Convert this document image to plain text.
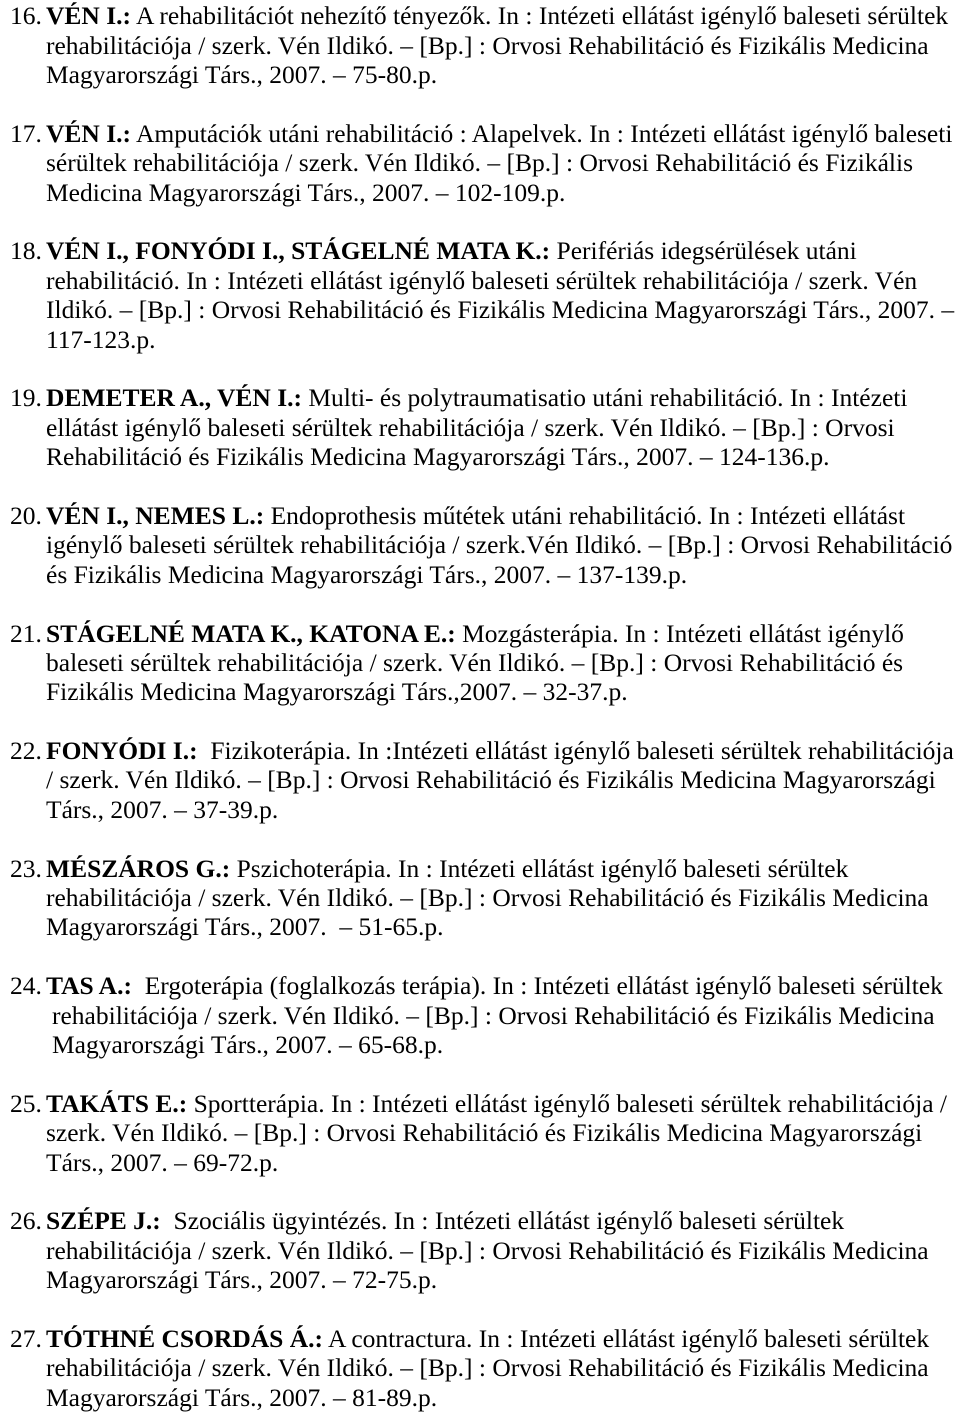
16. VÉN I.: A rehabilitációt nehezítő tényezők. In : Intézeti ellátást igénylő baleseti sérültek
rehabilitációja / szerk. Vén Ildikó. – [Bp.] : Orvosi Rehabilitáció és Fizikális Medicina
Magyarországi Társ., 2007. – 75-80.p.
17. VÉN I.: Amputációk utáni rehabilitáció : Alapelvek. In : Intézeti ellátást igénylő baleseti
sérültek rehabilitációja / szerk. Vén Ildikó. – [Bp.] : Orvosi Rehabilitáció és Fizikális
Medicina Magyarországi Társ., 2007. – 102-109.p.
18. VÉN I., FONYÓDI I., STÁGELNÉ MATA K.: Perifériás idegsérülések utáni
rehabilitáció. In : Intézeti ellátást igénylő baleseti sérültek rehabilitációja / szerk. Vén
Ildikó. – [Bp.] : Orvosi Rehabilitáció és Fizikális Medicina Magyarországi Társ., 2007. –
117-123.p.
19. DEMETER A., VÉN I.: Multi- és polytraumatisatio utáni rehabilitáció. In : Intézeti
ellátást igénylő baleseti sérültek rehabilitációja / szerk. Vén Ildikó. – [Bp.] : Orvosi
Rehabilitáció és Fizikális Medicina Magyarországi Társ., 2007. – 124-136.p.
20. VÉN I., NEMES L.: Endoprothesis műtétek utáni rehabilitáció. In : Intézeti ellátást
igénylő baleseti sérültek rehabilitációja / szerk.Vén Ildikó. – [Bp.] : Orvosi Rehabilitáció
és Fizikális Medicina Magyarországi Társ., 2007. – 137-139.p.
21. STÁGELNÉ MATA K., KATONA E.: Mozgásterápia. In : Intézeti ellátást igénylő
baleseti sérültek rehabilitációja / szerk. Vén Ildikó. – [Bp.] : Orvosi Rehabilitáció és
Fizikális Medicina Magyarországi Társ.,2007. – 32-37.p.
22. FONYÓDI I.:  Fizikoterápia. In :Intézeti ellátást igénylő baleseti sérültek rehabilitációja
/ szerk. Vén Ildikó. – [Bp.] : Orvosi Rehabilitáció és Fizikális Medicina Magyarországi
Társ., 2007. – 37-39.p.
23. MÉSZÁROS G.: Pszichoterápia. In : Intézeti ellátást igénylő baleseti sérültek
rehabilitációja / szerk. Vén Ildikó. – [Bp.] : Orvosi Rehabilitáció és Fizikális Medicina
Magyarországi Társ., 2007.  – 51-65.p.
24. TAS A.:  Ergoterápia (foglalkozás terápia). In : Intézeti ellátást igénylő baleseti sérültek
rehabilitációja / szerk. Vén Ildikó. – [Bp.] : Orvosi Rehabilitáció és Fizikális Medicina
Magyarországi Társ., 2007. – 65-68.p.
25. TAKÁTS E.: Sportterápia. In : Intézeti ellátást igénylő baleseti sérültek rehabilitációja /
szerk. Vén Ildikó. – [Bp.] : Orvosi Rehabilitáció és Fizikális Medicina Magyarországi
Társ., 2007. – 69-72.p.
26. SZÉPE J.:  Szociális ügyintézés. In : Intézeti ellátást igénylő baleseti sérültek
rehabilitációja / szerk. Vén Ildikó. – [Bp.] : Orvosi Rehabilitáció és Fizikális Medicina
Magyarországi Társ., 2007. – 72-75.p.
27. TÓTHNÉ CSORDÁS Á.: A contractura. In : Intézeti ellátást igénylő baleseti sérültek
rehabilitációja / szerk. Vén Ildikó. – [Bp.] : Orvosi Rehabilitáció és Fizikális Medicina
Magyarországi Társ., 2007. – 81-89.p.
